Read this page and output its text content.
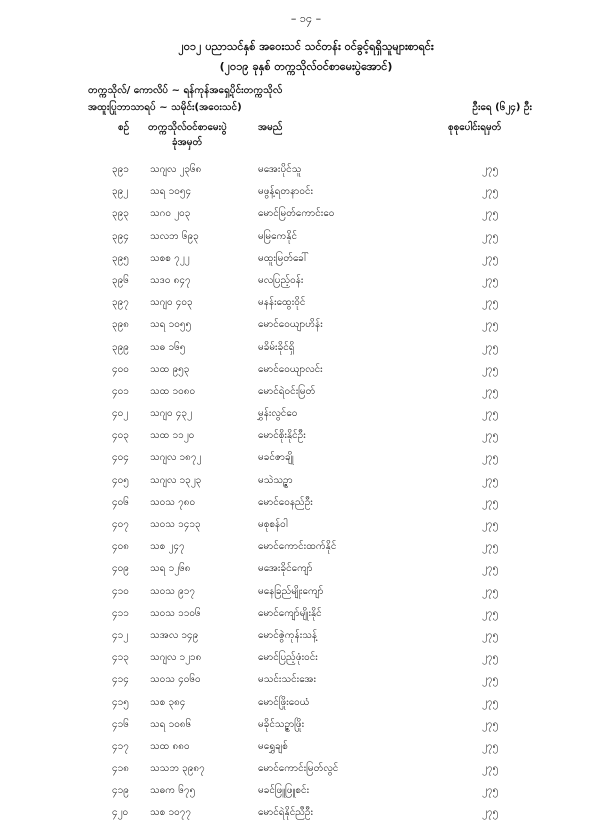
– ၁၄ –
၂၀၁၂ ပညာသင်နှစ် အဝေးသင် သင်တန်း ဝင်ခွင့်ရရှိသူများစာရင်း
(၂၀၁၉ ခုနှစ် တက္ကသိုလ်ဝင်စာမေးပွဲအောင်)
တက္ကသိုလ်/ ကောလိပ် ~ ရန်ကုန်အရှေ့ပိုင်းတက္ကသိုလ်
အထူးပြုဘာသာရပ် ~ သမိုင်း(အဝေးသင်)	ဦးရေ (၆၂၄) ဦး
စဉ် တက္ကသိုလ်ဝင်စာမေးပွဲ
ခုံအမှတ်
အမည်	စုစုပေါင်းရမှတ်
၃၉၁ သဂျလ ၂၃၆၈	မအေးပိုင်သူ	၂၇၅
၃၉၂ သရ ၁၀၅၄	မဖွန့်ရတနာဝင်း	၂၇၅
၃၉၃ သဂ၀ ၂၀၃	မောင်မြတ်ကောင်းဝေ	၂၇၅
၃၉၄ သလဘ ၆၉၃	မမြကေနိုင်	၂၇၅
၃၉၅ သစစ ၇၂၂	မထူးမြတ်ခေါ်	၂၇၅
၃၉၆ သဒ၀ ၈၄၇	မလပြည့်ဝန်း	၂၇၅
၃၉၇ သဂျ၀ ၄၀၃	မနန်းထွေးဝိုင်	၂၇၅
၃၉၈ သရ ၁၀၅၅	မောင်ဝေယျာဟိန်း	၂၇၅
၃၉၉ သဓ ၁၆၅	မခိမ်းခိုင်ရှိ	၂၇၅
၄၀၀ သထ ၉၅၃	မောင်ဝေယျာလင်း	၂၇၅
၄၀၁ သထ ၁၀၈၀	မောင်ရဲဝင်းမြတ်	၂၇၅
၄၀၂ သဂျ၀ ၄၃၂	မွှန်းလွင်ဝေ	၂၇၅
၄၀၃ သထ ၁၁၂၀	မောင်စိုးနိုင်ဦး	၂၇၅
၄၀၄ သဂျလ ၁၈၇၂	မခင်ဇာချို	၂၇၅
၄၀၅ သဂျလ ၁၃၂၃	မသဲသဉ္ဇာ	၂၇၅
၄၀၆ သဝသ ၇၈၀	မောင်ဝေနည်ဦး	၂၇၅
၄၀၇ သဝသ ၁၄၁၃	မစုစန်ဝါ	၂၇၅
၄၀၈ သစ ၂၄၇	မောင်ကောင်းထက်နိုင်	၂၇၅
၄၀၉ သရ ၁၂၆၈	မအေးခိုင်ကျော်	၂၇၅
၄၁၀ သဝသ ၉၁၇	မနေခြည်မျိုးကျော်	၂၇၅
၄၁၁ သဝသ ၁၁၀၆	မောင်ကျော်မျိုးနိုင်	၂၇၅
၄၁၂ သအလ ၁၄၉	မောင်ဇွဲကုန်းသန့်	၂၇၅
၄၁၃ သဂျလ ၁၂၁၈	မောင်ပြည့်ဖုံးဝင်း	၂၇၅
၄၁၄ သဝသ ၄၀၆၀	မသင်းသင်းအေး	၂၇၅
၄၁၅ သစ ၃၈၄	မောင်ဖြိုးဝေယံ	၂၇၅
၄၁၆ သရ ၁၀၈၆	မခိုင်သဉ္ဇာဖြိုး	၂၇၅
၄၁၇ သထ ၈၈၀	မရွှေချစ်	၂၇၅
၄၁၈ သသဘ ၃၉၈၇	မောင်ကောင်းမြတ်လွင်	၂၇၅
၄၁၉ သဓက ၆၇၅	မခင်ဖြူဖြူစင်း	၂၇၅
၄၂၀ သစ ၁၀၇၇	မောင်ရဲနိုင်ညီဦး	၂၇၅
